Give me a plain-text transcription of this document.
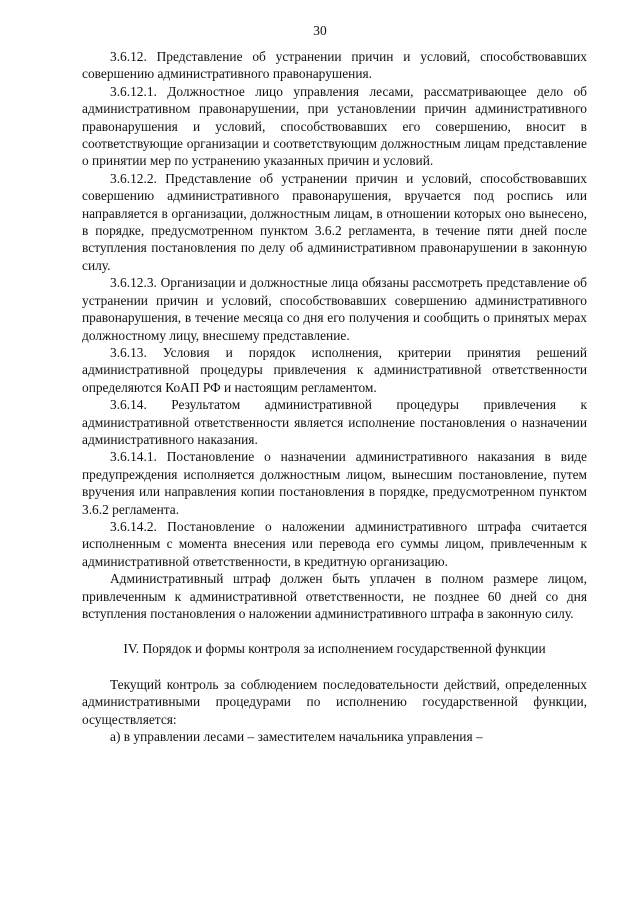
30

3.6.12. Представление об устранении причин и условий, способствовавших совершению административного правонарушения.

3.6.12.1. Должностное лицо управления лесами, рассматривающее дело об административном правонарушении, при установлении причин административного правонарушения и условий, способствовавших его совершению, вносит в соответствующие организации и соответствующим должностным лицам представление о принятии мер по устранению указанных причин и условий.

3.6.12.2. Представление об устранении причин и условий, способствовавших совершению административного правонарушения, вручается под роспись или направляется в организации, должностным лицам, в отношении которых оно вынесено, в порядке, предусмотренном пунктом 3.6.2 регламента, в течение пяти дней после вступления постановления по делу об административном правонарушении в законную силу.

3.6.12.3. Организации и должностные лица обязаны рассмотреть представление об устранении причин и условий, способствовавших совершению административного правонарушения, в течение месяца со дня его получения и сообщить о принятых мерах должностному лицу, внесшему представление.

3.6.13. Условия и порядок исполнения, критерии принятия решений административной процедуры привлечения к административной ответственности определяются КоАП РФ и настоящим регламентом.

3.6.14. Результатом административной процедуры привлечения к административной ответственности является исполнение постановления о назначении административного наказания.

3.6.14.1. Постановление о назначении административного наказания в виде предупреждения исполняется должностным лицом, вынесшим постановление, путем вручения или направления копии постановления в порядке, предусмотренном пунктом 3.6.2 регламента.

3.6.14.2. Постановление о наложении административного штрафа считается исполненным с момента внесения или перевода его суммы лицом, привлеченным к административной ответственности, в кредитную организацию.

Административный штраф должен быть уплачен в полном размере лицом, привлеченным к административной ответственности, не позднее 60 дней со дня вступления постановления о наложении административного штрафа в законную силу.

IV. Порядок и формы контроля за исполнением государственной функции

Текущий контроль за соблюдением последовательности действий, определенных административными процедурами по исполнению государственной функции, осуществляется:

а) в управлении лесами – заместителем начальника управления –
